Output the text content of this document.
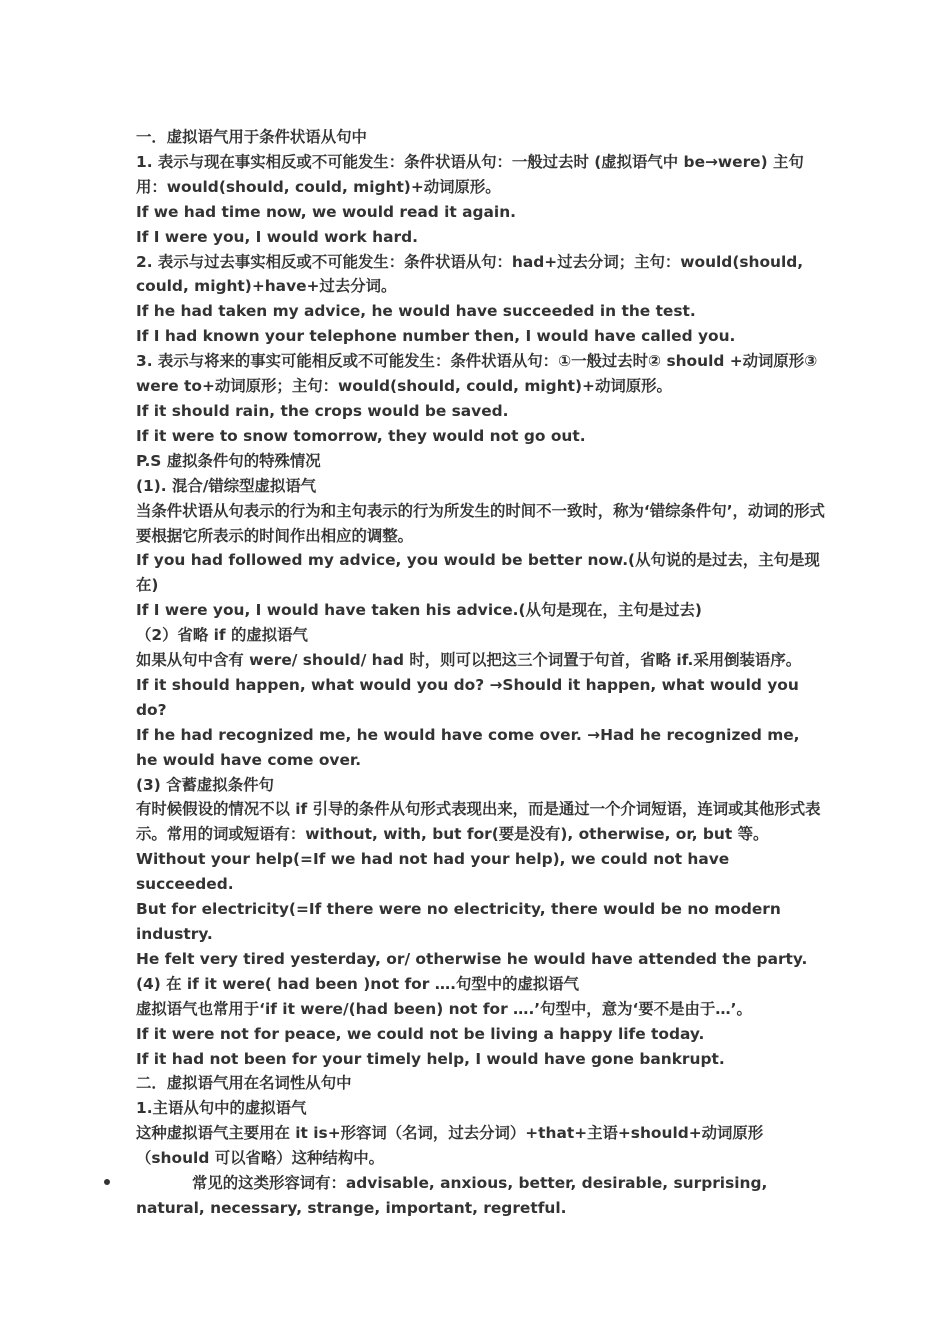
一．虚拟语气用于条件状语从句中

1. 表示与现在事实相反或不可能发生：条件状语从句：一般过去时 (虚拟语气中 be→were) 主句用：would(should, could, might)+动词原形。

If we had time now, we would read it again.

If I were you, I would work hard.

2. 表示与过去事实相反或不可能发生：条件状语从句：had+过去分词；主句：would(should, could, might)+have+过去分词。

If he had taken my advice, he would have succeeded in the test.

If I had known your telephone number then, I would have called you.

3. 表示与将来的事实可能相反或不可能发生：条件状语从句：①一般过去时② should +动词原形③ were to+动词原形；主句：would(should, could, might)+动词原形。

If it should rain, the crops would be saved.

If it were to snow tomorrow, they would not go out.

P.S 虚拟条件句的特殊情况

(1). 混合/错综型虚拟语气

当条件状语从句表示的行为和主句表示的行为所发生的时间不一致时，称为‘错综条件句’，动词的形式要根据它所表示的时间作出相应的调整。

If you had followed my advice, you would be better now.(从句说的是过去，主句是现在)

If I were you, I would have taken his advice.(从句是现在，主句是过去)

（2）省略 if 的虚拟语气

如果从句中含有 were/ should/ had 时，则可以把这三个词置于句首，省略 if.采用倒装语序。

If it should happen, what would you do? →Should it happen, what would you do?

If he had recognized me, he would have come over. →Had he recognized me, he would have come over.

(3) 含蓄虚拟条件句

有时候假设的情况不以 if 引导的条件从句形式表现出来，而是通过一个介词短语，连词或其他形式表示。常用的词或短语有：without, with, but for(要是没有), otherwise, or, but 等。

Without your help(=If we had not had your help), we could not have succeeded.

But for electricity(=If there were no electricity, there would be no modern industry.

He felt very tired yesterday, or/ otherwise he would have attended the party.

(4) 在 if it were( had been )not for ….句型中的虚拟语气

虚拟语气也常用于‘if it were/(had been) not for ….’句型中，意为‘要不是由于…’。

If it were not for peace, we could not be living a happy life today.

If it had not been for your timely help, I would have gone bankrupt.

二．虚拟语气用在名词性从句中

1.主语从句中的虚拟语气

这种虚拟语气主要用在 it is+形容词（名词，过去分词）+that+主语+should+动词原形（should 可以省略）这种结构中。

常见的这类形容词有：advisable, anxious, better, desirable, surprising, natural, necessary, strange, important, regretful.
